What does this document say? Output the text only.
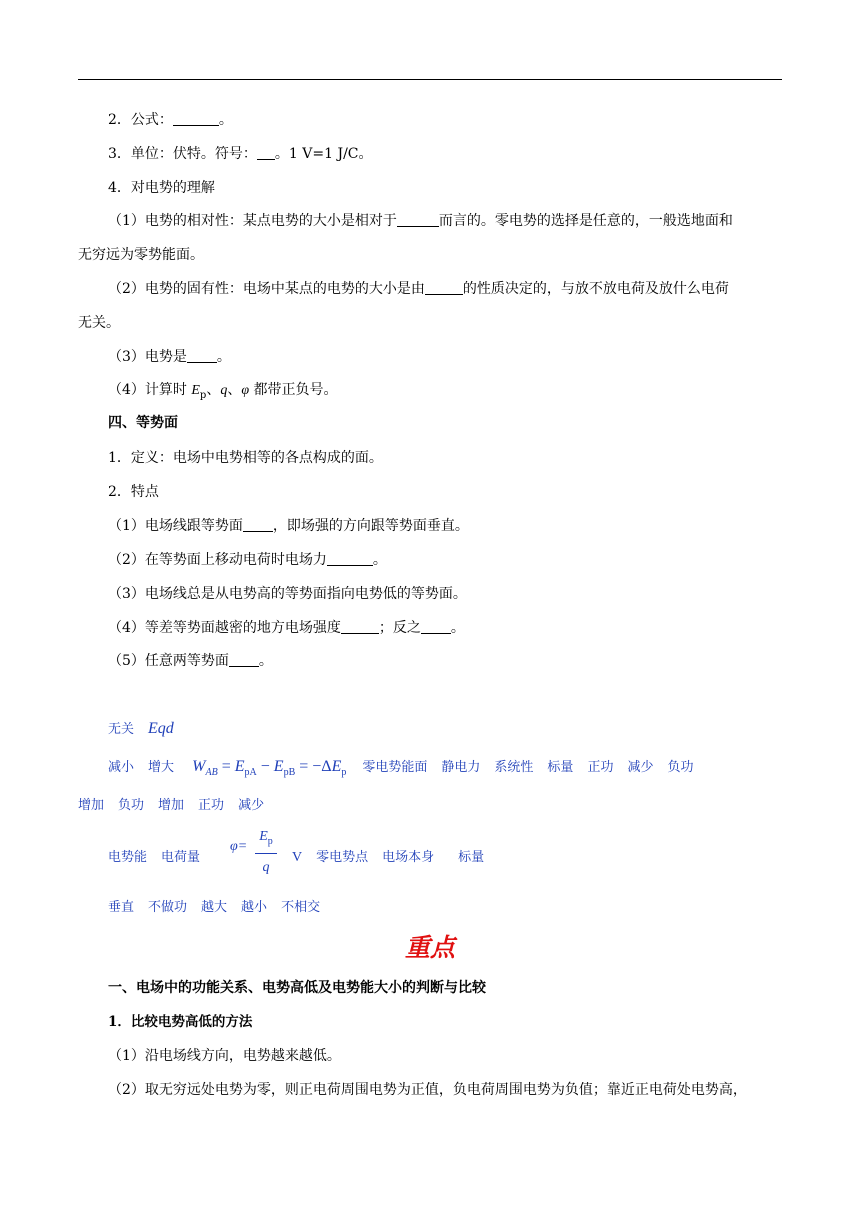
2．公式：	。
3．单位：伏特。符号： 。1 V=1 J/C。
4．对电势的理解
（1）电势的相对性：某点电势的大小是相对于	而言的。零电势的选择是任意的，一般选地面和
无穷远为零势能面。
（2）电势的固有性：电场中某点的电势的大小是由	的性质决定的，与放不放电荷及放什么电荷
无关。
（3）电势是 。
（4）计算时 $E_p$、q、φ 都带正负号。
四、等势面
1．定义：电场中电势相等的各点构成的面。
2．特点
（1）电场线跟等势面 ，即场强的方向跟等势面垂直。
（2）在等势面上移动电荷时电场力	。
（3）电场线总是从电势高的等势面指向电势低的等势面。
（4）等差等势面越密的地方电场强度	；反之 。
（5）任意两等势面 。
无关 Eqd
减小 增大 $W_{AB} = E_{pA} - E_{pB} = -\Delta E_p$ 零电势能面 静电力 系统性 标量 正功 减少 负功
增加 负功 增加 正功 减少
电势能 电荷量
φ=
$E_p$
q
V 零电势点 电场本身 标量
垂直 不做功 越大 越小 不相交
重点
一、电场中的功能关系、电势高低及电势能大小的判断与比较
1．比较电势高低的方法
（1）沿电场线方向，电势越来越低。
（2）取无穷远处电势为零，则正电荷周围电势为正值，负电荷周围电势为负值；靠近正电荷处电势高，
